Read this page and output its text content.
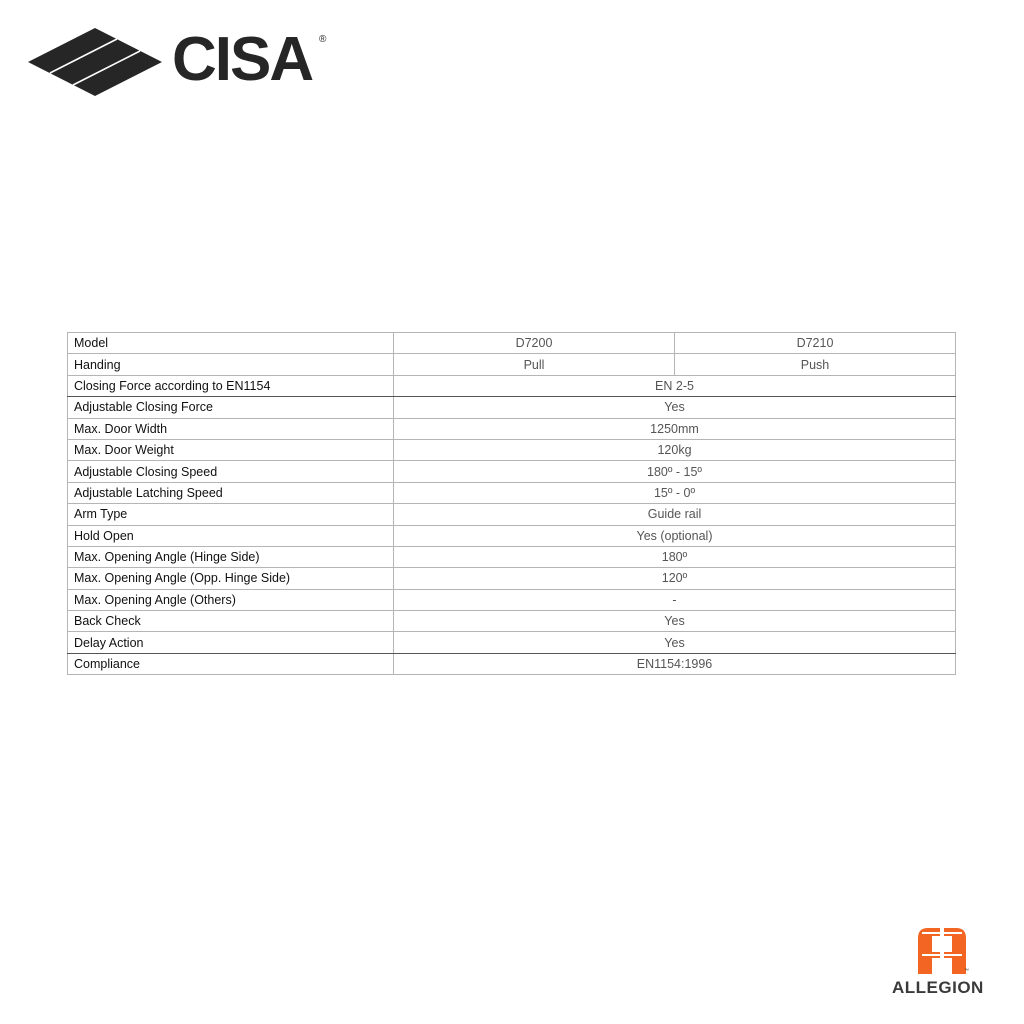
CISA ®
Model	D7200	D7210
Handing	Pull	Push
Closing Force according to EN1154	EN 2-5	
Adjustable Closing Force	Yes	
Max. Door Width	1250mm	
Max. Door Weight	120kg	
Adjustable Closing Speed	180º - 15º	
Adjustable Latching Speed	15º - 0º	
Arm Type	Guide rail	
Hold Open	Yes (optional)	
Max. Opening Angle (Hinge Side)	180º	
Max. Opening Angle (Opp. Hinge Side)	120º	
Max. Opening Angle (Others)	-	
Back Check	Yes	
Delay Action	Yes	
Compliance	EN1154:1996	
ALLEGION
™
